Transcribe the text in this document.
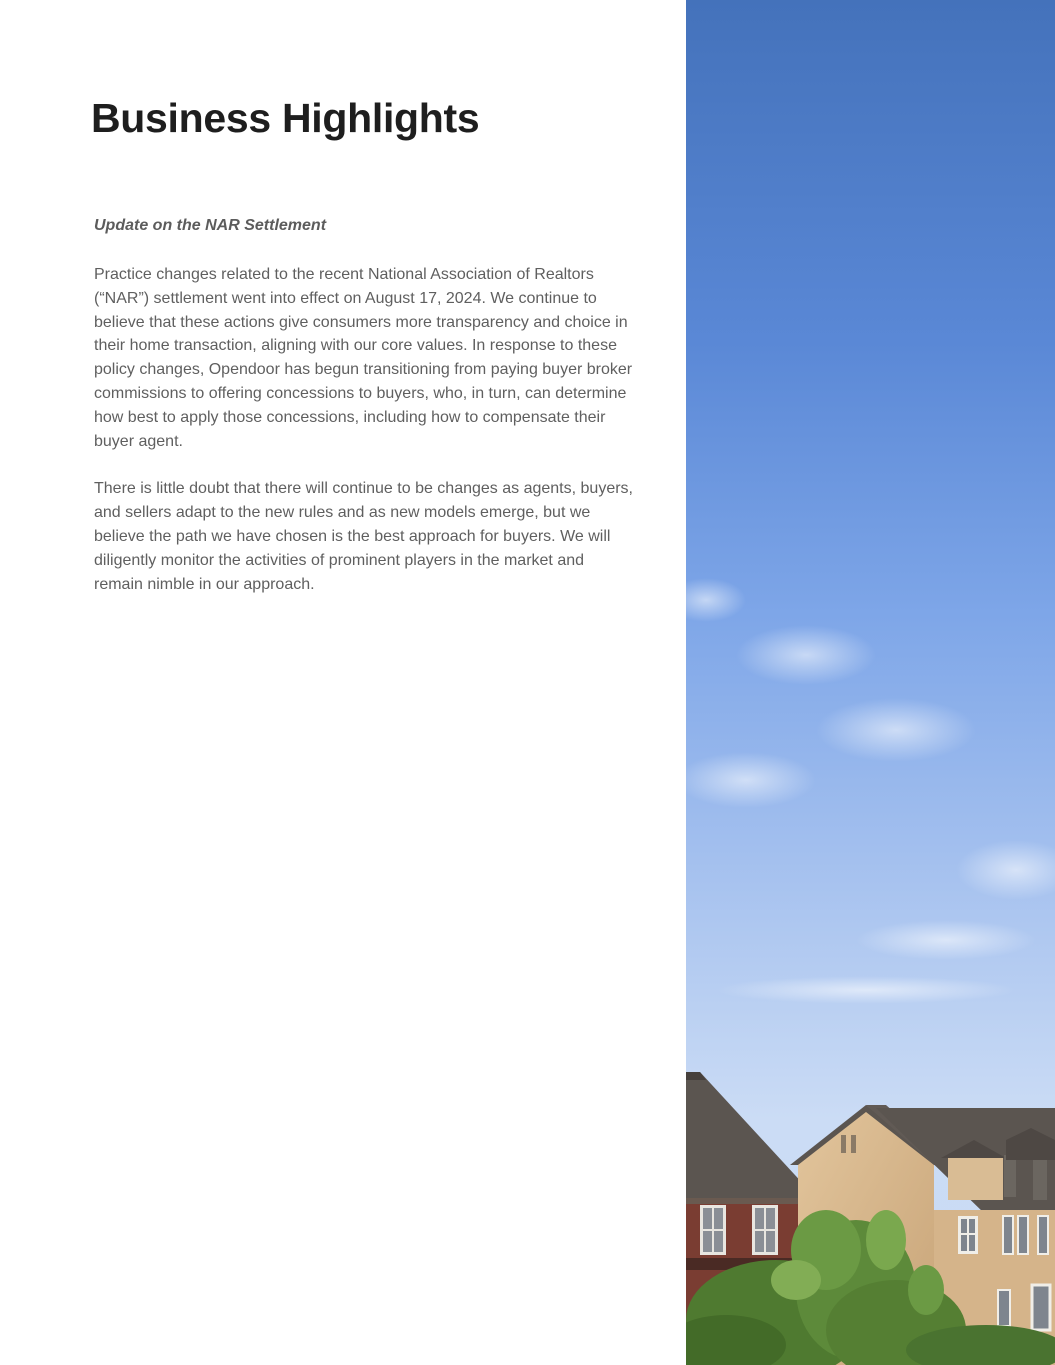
Business Highlights
Update on the NAR Settlement

Practice changes related to the recent National Association of Realtors (“NAR”) settlement went into effect on August 17, 2024. We continue to believe that these actions give consumers more transparency and choice in their home transaction, aligning with our core values. In response to these policy changes, Opendoor has begun transitioning from paying buyer broker commissions to offering concessions to buyers, who, in turn, can determine how best to apply those concessions, including how to compensate their buyer agent.

There is little doubt that there will continue to be changes as agents, buyers, and sellers adapt to the new rules and as new models emerge, but we believe the path we have chosen is the best approach for buyers. We will diligently monitor the activities of prominent players in the market and remain nimble in our approach.
